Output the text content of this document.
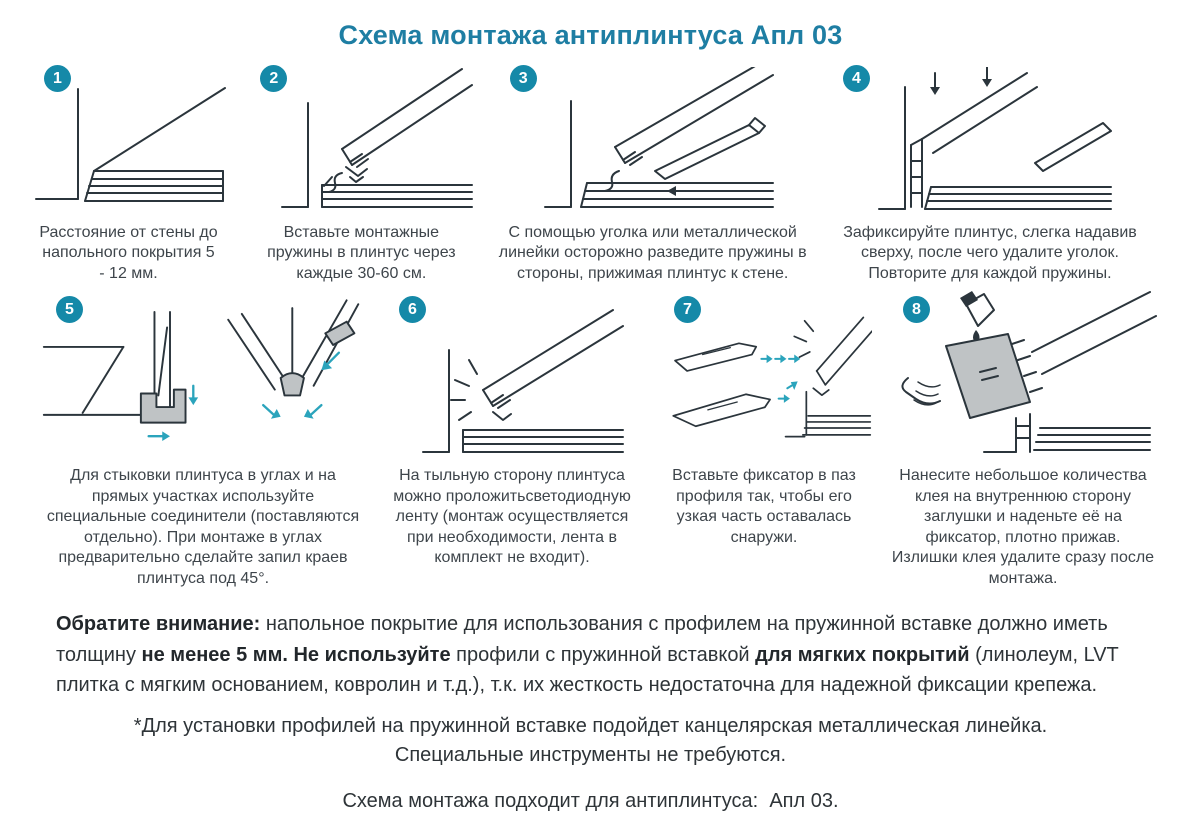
Схема монтажа антиплинтуса Апл 03
1

Расстояние от стены до напольного покрытия 5 - 12 мм.

2

Вставьте монтажные пружины в плинтус через каждые 30-60 см.

3

С помощью уголка или металлической линейки осторожно разведите пружины в стороны, прижимая плинтус к стене.

4

Зафиксируйте плинтус, слегка надавив сверху, после чего удалите уголок. Повторите для каждой пружины.

5

Для стыковки плинтуса в углах и на прямых участках используйте специальные соединители (поставляются отдельно). При монтаже в углах предварительно сделайте запил краев плинтуса под 45°.

6

На тыльную сторону плинтуса можно проложитьсветодиодную ленту (монтаж осуществляется при необходимости, лента в комплект не входит).

7

Вставьте фиксатор в паз профиля так, чтобы его узкая часть оставалась снаружи.

8

Нанесите небольшое количества клея на внутреннюю сторону заглушки и наденьте её на фиксатор, плотно прижав. Излишки клея удалите сразу после монтажа.

Обратите внимание: напольное покрытие для использования с профилем на пружинной вставке должно иметь толщину не менее 5 мм. Не используйте профили с пружинной вставкой для мягких покрытий (линолеум, LVT плитка с мягким основанием, ковролин и т.д.), т.к. их жесткость недостаточна для надежной фиксации крепежа.

*Для установки профилей на пружинной вставке подойдет канцелярская металлическая линейка.
Специальные инструменты не требуются.

Схема монтажа подходит для антиплинтуса:  Апл 03.
